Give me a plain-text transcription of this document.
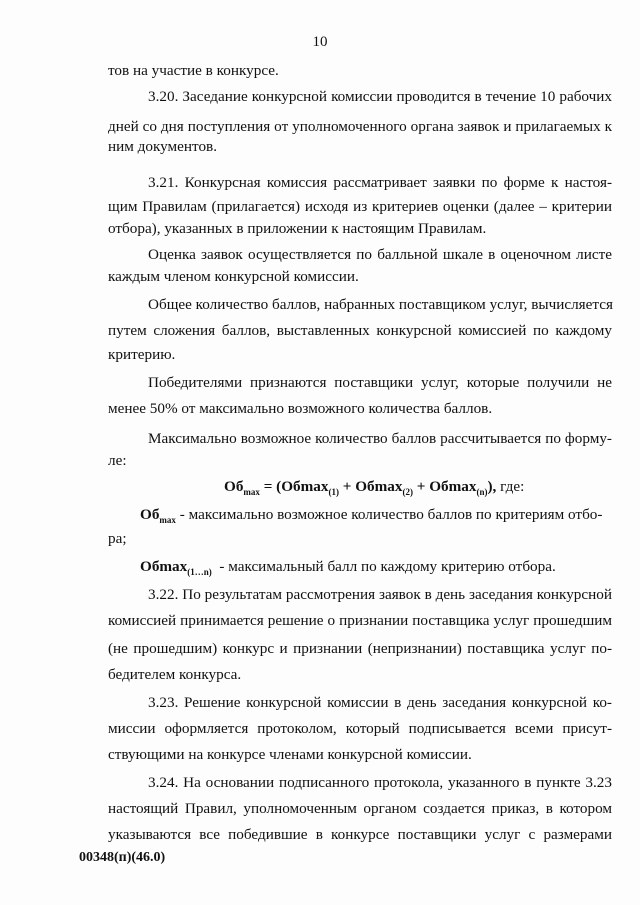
10
тов на участие в конкурсе.
3.20. Заседание конкурсной комиссии проводится в течение 10 рабочих
дней со дня поступления от уполномоченного органа заявок и прилагаемых к
ним документов.
3.21. Конкурсная комиссия рассматривает заявки по форме к настоя-
щим Правилам (прилагается) исходя из критериев оценки (далее – критерии
отбора), указанных в приложении к настоящим Правилам.
Оценка заявок осуществляется по балльной шкале в оценочном листе
каждым членом конкурсной комиссии.
Общее количество баллов, набранных поставщиком услуг, вычисляется
путем сложения баллов, выставленных конкурсной комиссией по каждому
критерию.
Победителями признаются поставщики услуг, которые получили не
менее 50% от максимально возможного количества баллов.
Максимально возможное количество баллов рассчитывается по форму-
ле:
$Об_{max} = (Об\max_{(1)} + Об\max_{(2)} + Об\max_{(n)})$, где:
$Об_{max}$ - максимально возможное количество баллов по критериям отбо-
ра;
Обmax$_{(1\dots n)}$ - максимальный балл по каждому критерию отбора.
3.22. По результатам рассмотрения заявок в день заседания конкурсной
комиссией принимается решение о признании поставщика услуг прошедшим
(не прошедшим) конкурс и признании (непризнании) поставщика услуг по-
бедителем конкурса.
3.23. Решение конкурсной комиссии в день заседания конкурсной ко-
миссии оформляется протоколом, который подписывается всеми присут-
ствующими на конкурсе членами конкурсной комиссии.
3.24. На основании подписанного протокола, указанного в пункте 3.23
настоящий Правил, уполномоченным органом создается приказ, в котором
указываются все победившие в конкурсе поставщики услуг с размерами
00348(п)(46.0)
